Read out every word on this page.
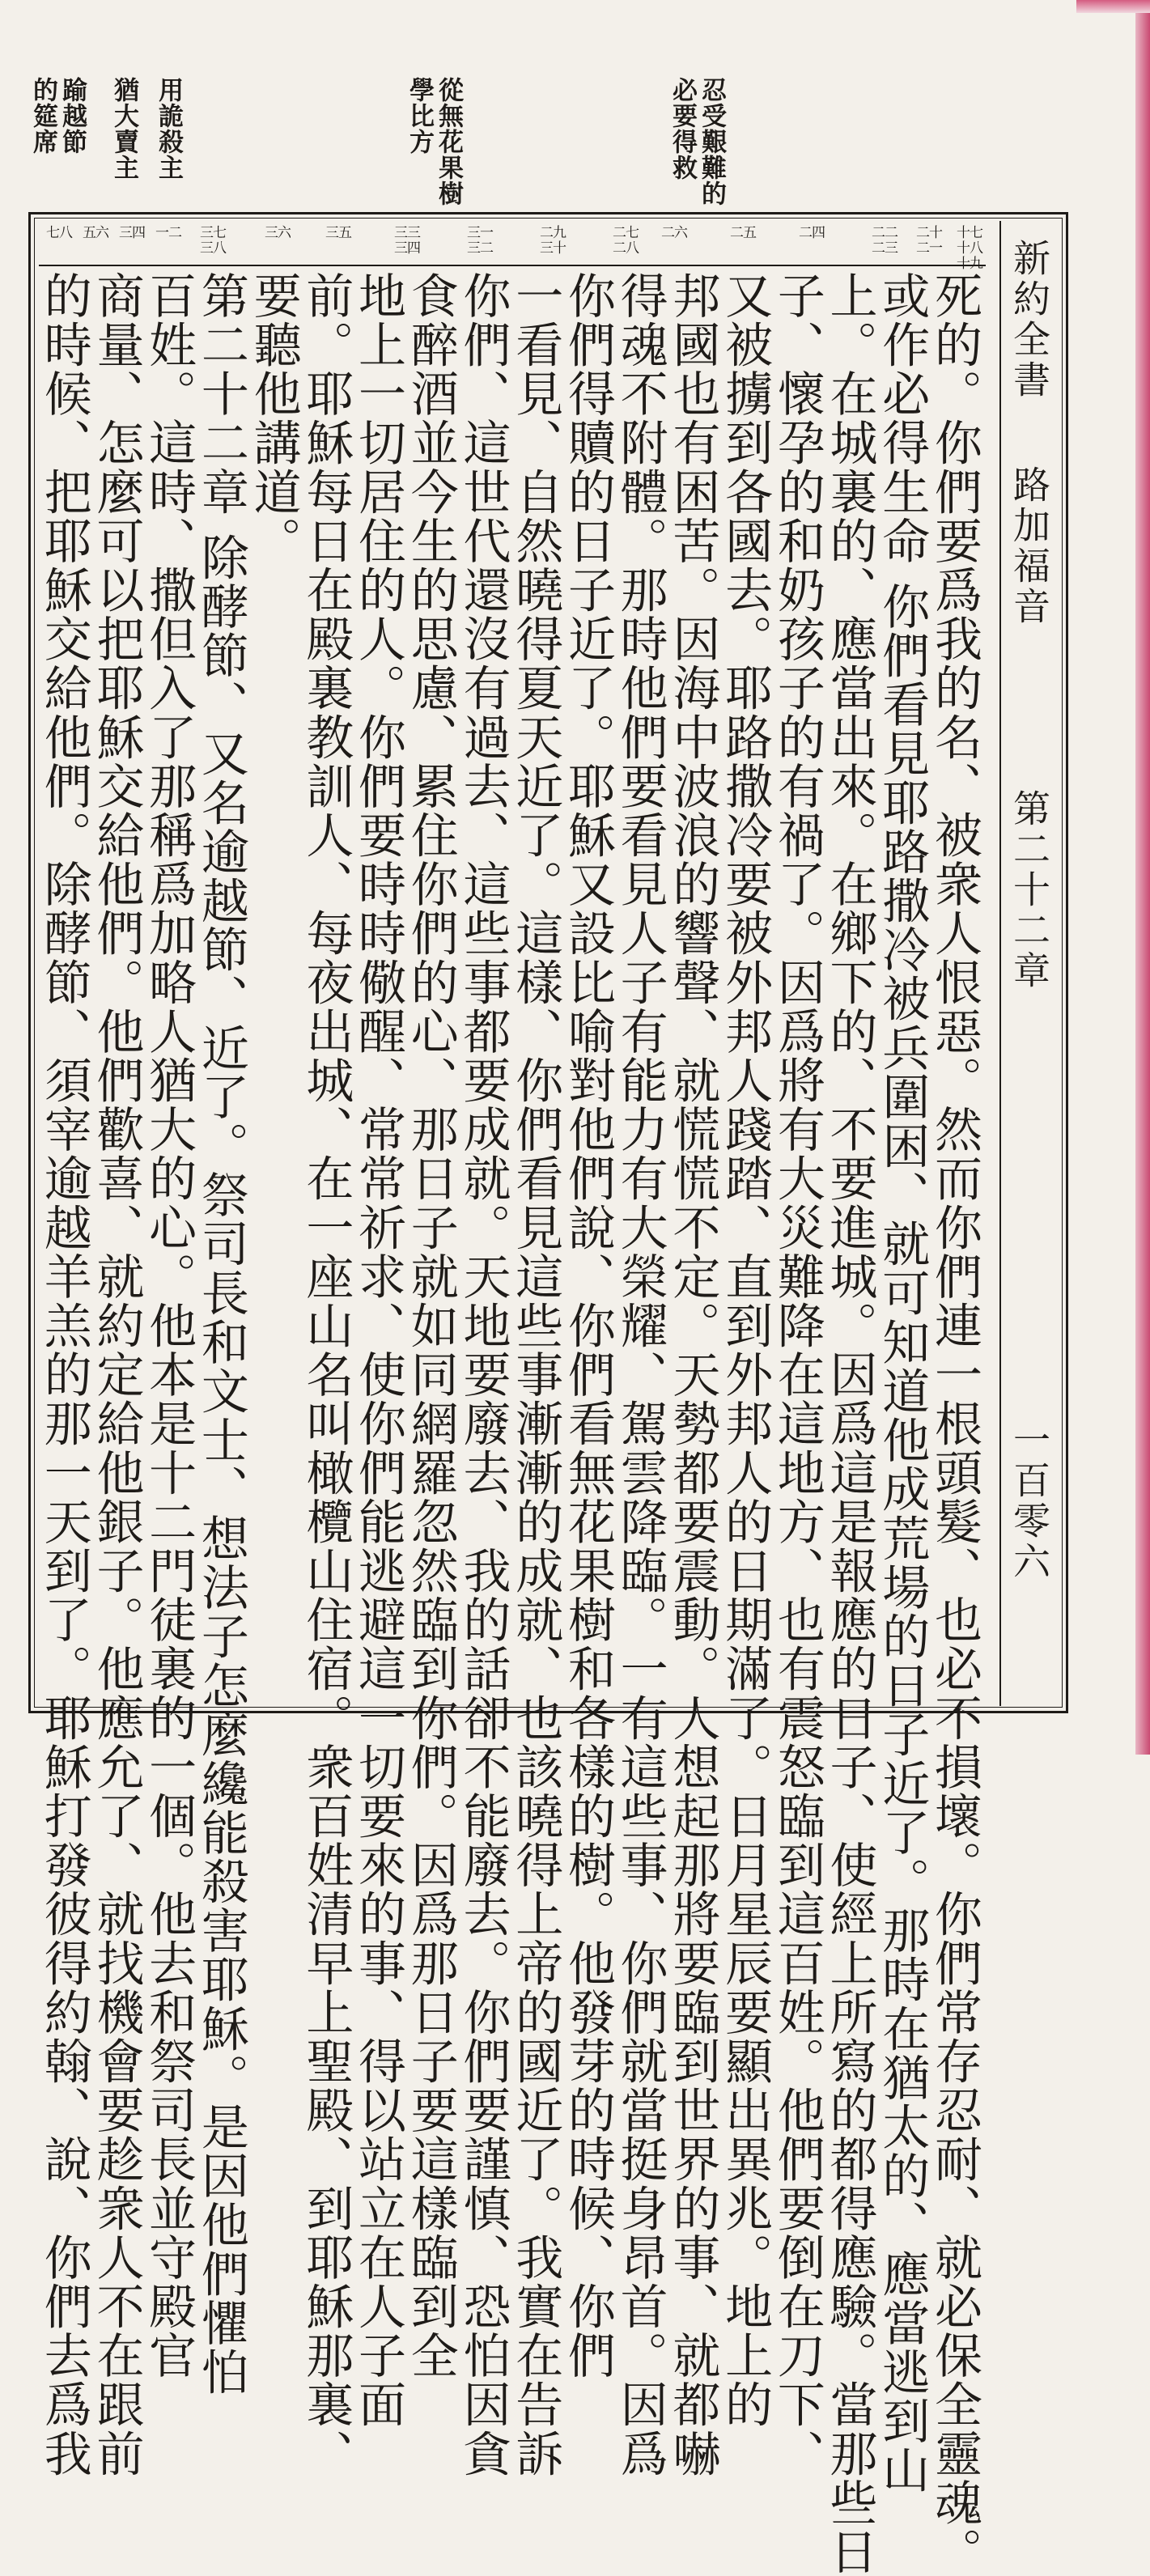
忍受艱難的
必要得救
從無花果樹
學比方
猶大賣主 用詭殺主
踰越節
的筵席
新約全書
路加福音
第二十二章
一百零六
十七
十八
十九
二十
二一
二二
二三
二四
二五
二六
二七
二八
二九
三十
三一
三二
三三
三四
三五
三六
三七
三八
一二
三四
五六
七八
死的。你們要爲我的名、被衆人恨惡。然而你們連一根頭髮、也必不損壞。你們常存忍耐、就必保全靈魂。
或作必得生命 你們看見耶路撒冷被兵圍困、就可知道他成荒場的日子近了。那時在猶太的、應當逃到山
上。在城裏的、應當出來。在鄉下的、不要進城。因爲這是報應的日子、使經上所寫的都得應驗。當那些日
子、懷孕的和奶孩子的有禍了。因爲將有大災難降在這地方、也有震怒臨到這百姓。他們要倒在刀下、
又被擄到各國去。耶路撒冷要被外邦人踐踏、直到外邦人的日期滿了。日月星辰要顯出異兆。地上的
邦國也有困苦。因海中波浪的響聲、就慌慌不定。天勢都要震動。人想起那將要臨到世界的事、就都嚇
得魂不附體。那時他們要看見人子有能力有大榮耀、駕雲降臨。一有這些事、你們就當挺身昂首。因爲
你們得贖的日子近了。耶穌又設比喻對他們說、你們看無花果樹和各樣的樹。他發芽的時候、你們
一看見、自然曉得夏天近了。這樣、你們看見這些事漸漸的成就、也該曉得上帝的國近了。我實在告訴
你們、這世代還沒有過去、這些事都要成就。天地要廢去、我的話卻不能廢去。你們要謹慎、恐怕因貪
食醉酒並今生的思慮、累住你們的心、那日子就如同網羅忽然臨到你們。因爲那日子要這樣臨到全
地上一切居住的人。你們要時時儆醒、常常祈求、使你們能逃避這一切要來的事、得以站立在人子面
前。耶穌每日在殿裏教訓人、每夜出城、在一座山名叫橄欖山住宿。衆百姓清早上聖殿、到耶穌那裏、
要聽他講道。
第二十二章 除酵節、又名逾越節、近了。祭司長和文士、想法子怎麼纔能殺害耶穌。是因他們懼怕
百姓。這時、撒但入了那稱爲加略人猶大的心。他本是十二門徒裏的一個。他去和祭司長並守殿官
商量、怎麼可以把耶穌交給他們。他們歡喜、就約定給他銀子。他應允了、就找機會要趁衆人不在跟前
的時候、把耶穌交給他們。除酵節、須宰逾越羊羔的那一天到了。耶穌打發彼得約翰、說、你們去爲我
